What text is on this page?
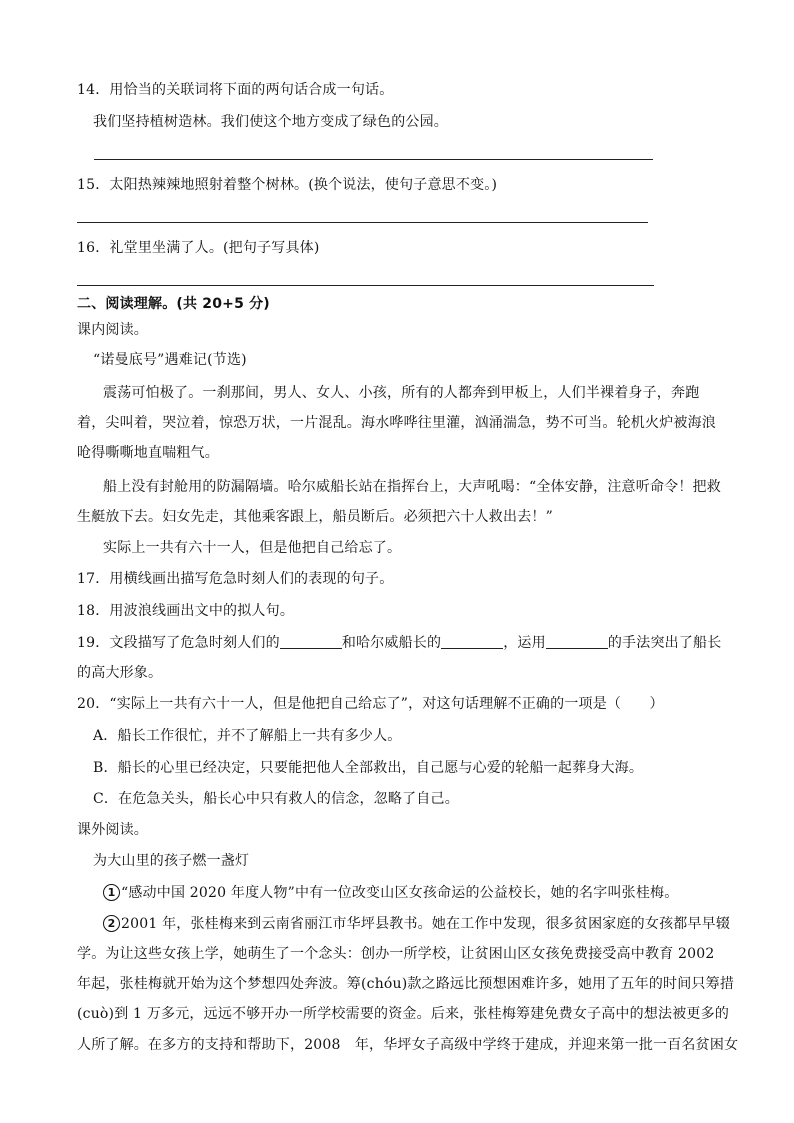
14．用恰当的关联词将下面的两句话合成一句话。
我们坚持植树造林。我们使这个地方变成了绿色的公园。
15．太阳热辣辣地照射着整个树林。(换个说法，使句子意思不变。)
16．礼堂里坐满了人。(把句子写具体)
二、阅读理解。(共 20+5 分)
课内阅读。
“诺曼底号”遇难记(节选)
震荡可怕极了。一刹那间，男人、女人、小孩，所有的人都奔到甲板上，人们半裸着身子，奔跑
着，尖叫着，哭泣着，惊恐万状，一片混乱。海水哗哗往里灌，汹涌湍急，势不可当。轮机火炉被海浪
呛得嘶嘶地直喘粗气。
船上没有封舱用的防漏隔墙。哈尔威船长站在指挥台上，大声吼喝：“全体安静，注意听命令！把救
生艇放下去。妇女先走，其他乘客跟上，船员断后。必须把六十人救出去！”
实际上一共有六十一人，但是他把自己给忘了。
17．用横线画出描写危急时刻人们的表现的句子。
18．用波浪线画出文中的拟人句。
19．文段描写了危急时刻人们的	和哈尔威船长的	，运用	的手法突出了船长
的高大形象。
20．“实际上一共有六十一人，但是他把自己给忘了”，对这句话理解不正确的一项是（　　）
A．船长工作很忙，并不了解船上一共有多少人。
B．船长的心里已经决定，只要能把他人全部救出，自己愿与心爱的轮船一起葬身大海。
C．在危急关头，船长心中只有救人的信念，忽略了自己。
课外阅读。
为大山里的孩子燃一盏灯
1 “感动中国 2020 年度人物”中有一位改变山区女孩命运的公益校长，她的名字叫张桂梅。
2 2001 年，张桂梅来到云南省丽江市华坪县教书。她在工作中发现，很多贫困家庭的女孩都早早辍
学。为让这些女孩上学，她萌生了一个念头：创办一所学校，让贫困山区女孩免费接受高中教育 2002
年起，张桂梅就开始为这个梦想四处奔波。筹(chóu)款之路远比预想困难许多，她用了五年的时间只筹措
(cuò)到 1 万多元，远远不够开办一所学校需要的资金。后来，张桂梅筹建免费女子高中的想法被更多的
人所了解。在多方的支持和帮助下，2008　年，华坪女子高级中学终于建成，并迎来第一批一百名贫困女
